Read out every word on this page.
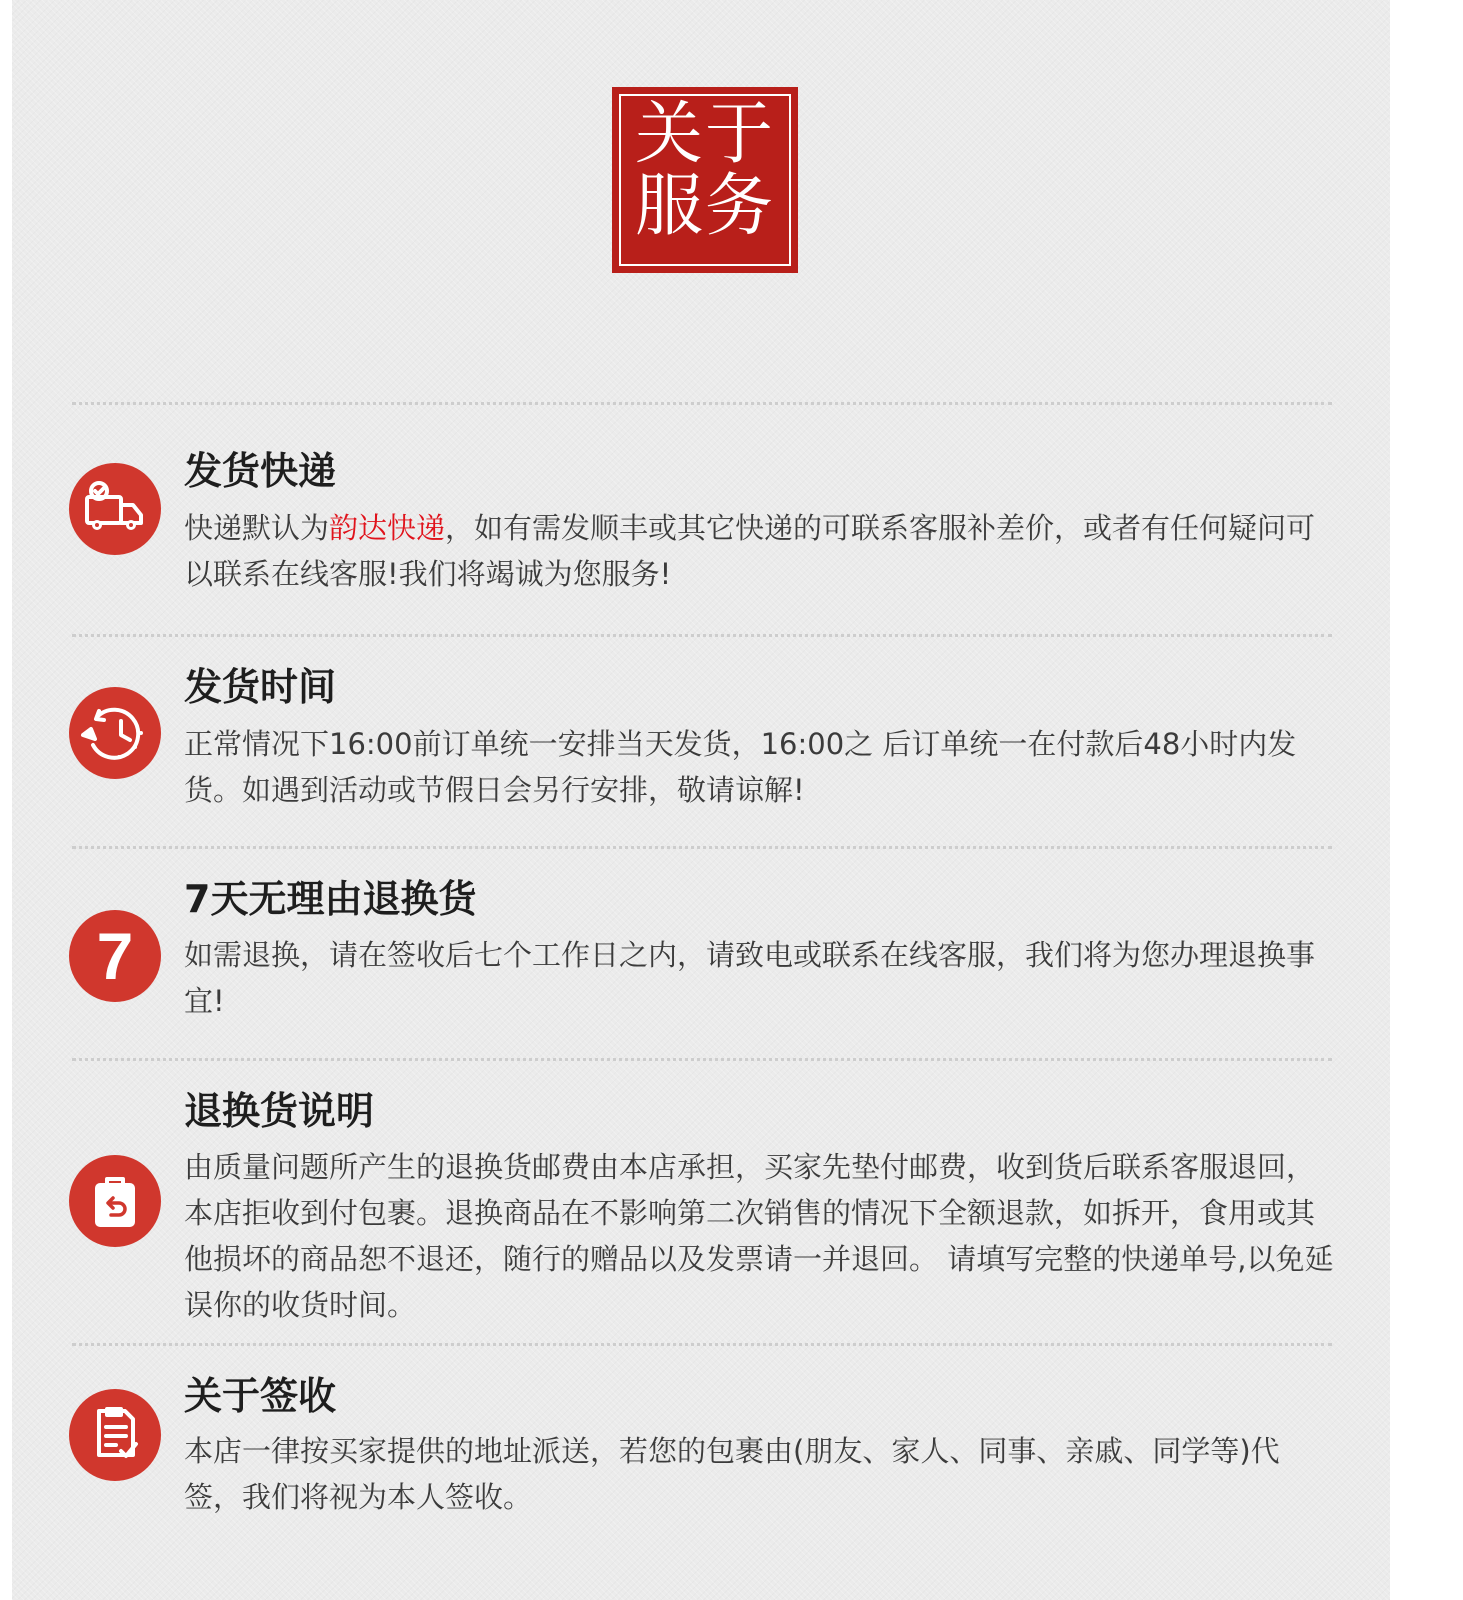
关于
服务
发货快递
快递默认为韵达快递，如有需发顺丰或其它快递的可联系客服补差价，或者有任何疑问可以联系在线客服!我们将竭诚为您服务!
发货时间
正常情况下16:00前订单统一安排当天发货，16:00之 后订单统一在付款后48小时内发货。如遇到活动或节假日会另行安排，敬请谅解!
7
7天无理由退换货
如需退换，请在签收后七个工作日之内，请致电或联系在线客服，我们将为您办理退换事宜!
退换货说明
由质量问题所产生的退换货邮费由本店承担，买家先垫付邮费，收到货后联系客服退回，本店拒收到付包裹。退换商品在不影响第二次销售的情况下全额退款，如拆开，食用或其他损坏的商品恕不退还，随行的赠品以及发票请一并退回。 请填写完整的快递单号,以免延误你的收货时间。
关于签收
本店一律按买家提供的地址派送，若您的包裹由(朋友、家人、同事、亲戚、同学等)代签，我们将视为本人签收。
